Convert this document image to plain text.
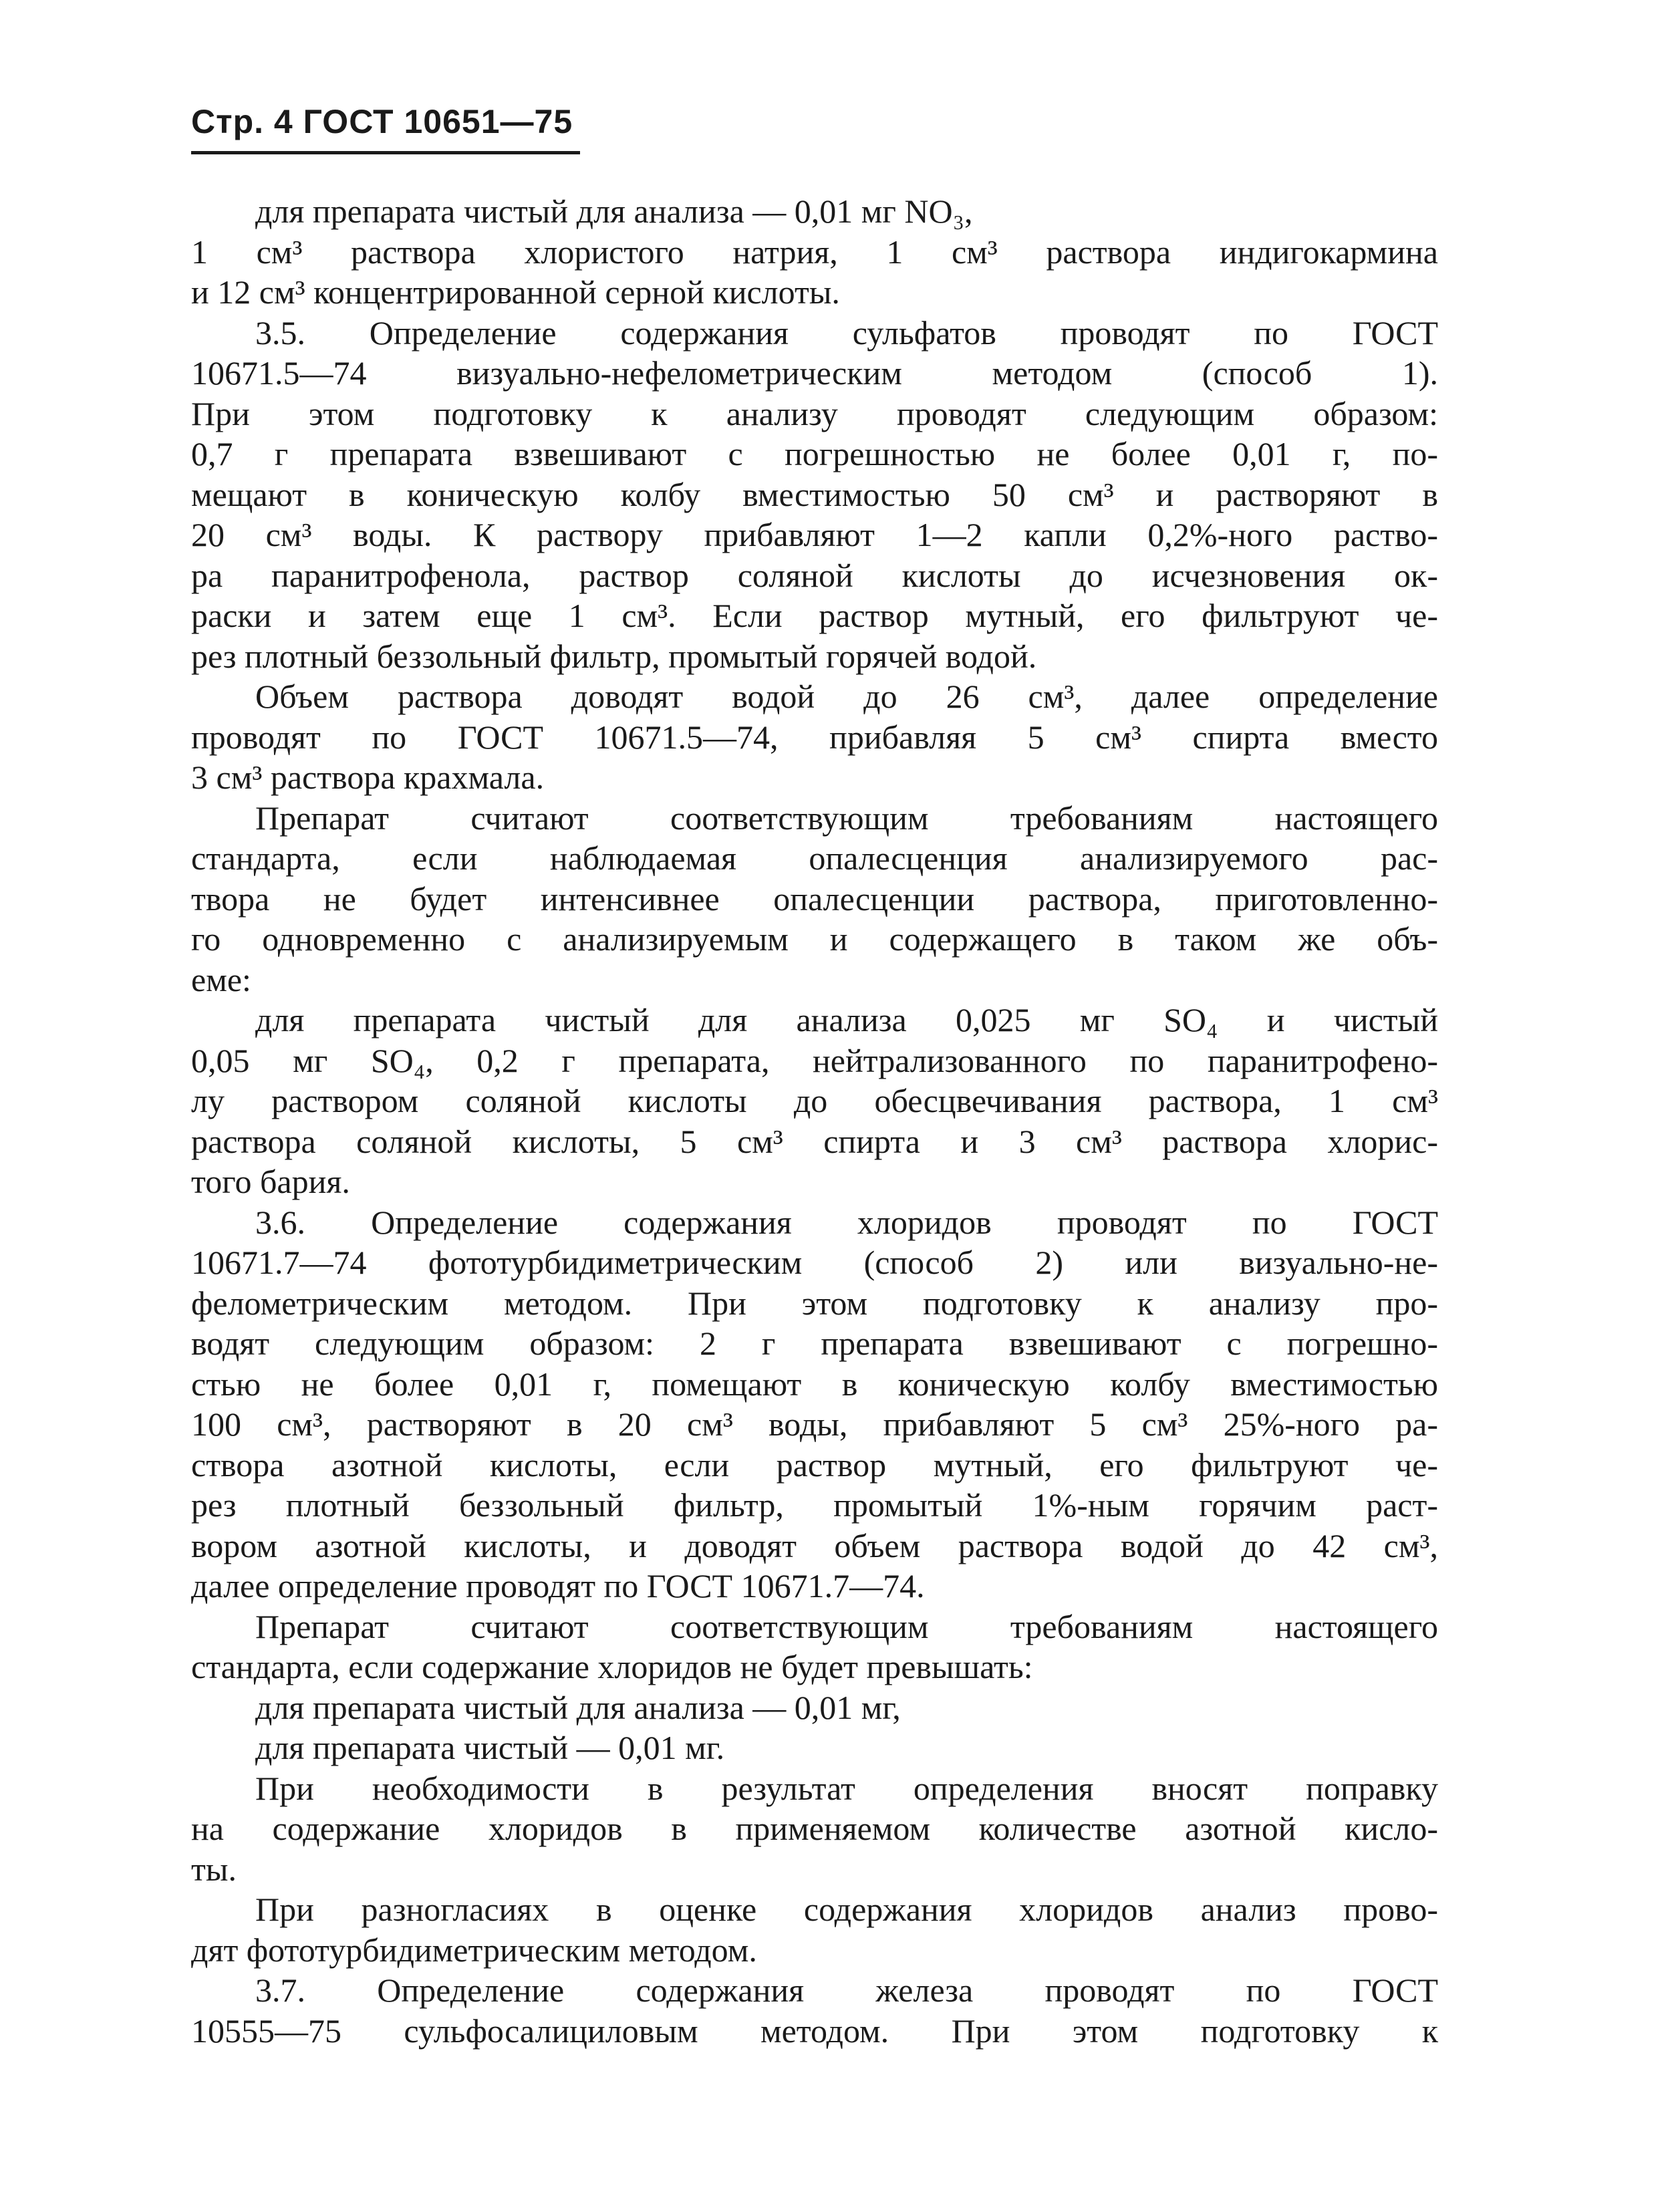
Стр. 4 ГОСТ 10651—75
для препарата чистый для анализа — 0,01 мг NO₃,
1 см³ раствора хлористого натрия, 1 см³ раствора индигокармина
и 12 см³ концентрированной серной кислоты.
3.5. Определение содержания сульфатов проводят по ГОСТ
10671.5—74 визуально-нефелометрическим методом (способ 1).
При этом подготовку к анализу проводят следующим образом:
0,7 г препарата взвешивают с погрешностью не более 0,01 г, по-
мещают в коническую колбу вместимостью 50 см³ и растворяют в
20 см³ воды. К раствору прибавляют 1—2 капли 0,2%-ного раство-
ра паранитрофенола, раствор соляной кислоты до исчезновения ок-
раски и затем еще 1 см³. Если раствор мутный, его фильтруют че-
рез плотный беззольный фильтр, промытый горячей водой.
Объем раствора доводят водой до 26 см³, далее определение
проводят по ГОСТ 10671.5—74, прибавляя 5 см³ спирта вместо
3 см³ раствора крахмала.
Препарат считают соответствующим требованиям настоящего
стандарта, если наблюдаемая опалесценция анализируемого рас-
твора не будет интенсивнее опалесценции раствора, приготовленно-
го одновременно с анализируемым и содержащего в таком же объ-
еме:
для препарата чистый для анализа 0,025 мг SO₄ и чистый
0,05 мг SO₄, 0,2 г препарата, нейтрализованного по паранитрофено-
лу раствором соляной кислоты до обесцвечивания раствора, 1 см³
раствора соляной кислоты, 5 см³ спирта и 3 см³ раствора хлорис-
того бария.
3.6. Определение содержания хлоридов проводят по ГОСТ
10671.7—74 фототурбидиметрическим (способ 2) или визуально-не-
фелометрическим методом. При этом подготовку к анализу про-
водят следующим образом: 2 г препарата взвешивают с погрешно-
стью не более 0,01 г, помещают в коническую колбу вместимостью
100 см³, растворяют в 20 см³ воды, прибавляют 5 см³ 25%-ного ра-
створа азотной кислоты, если раствор мутный, его фильтруют че-
рез плотный беззольный фильтр, промытый 1%-ным горячим раст-
вором азотной кислоты, и доводят объем раствора водой до 42 см³,
далее определение проводят по ГОСТ 10671.7—74.
Препарат считают соответствующим требованиям настоящего
стандарта, если содержание хлоридов не будет превышать:
для препарата чистый для анализа — 0,01 мг,
для препарата чистый — 0,01 мг.
При необходимости в результат определения вносят поправку
на содержание хлоридов в применяемом количестве азотной кисло-
ты.
При разногласиях в оценке содержания хлоридов анализ прово-
дят фототурбидиметрическим методом.
3.7. Определение содержания железа проводят по ГОСТ
10555—75 сульфосалициловым методом. При этом подготовку к
